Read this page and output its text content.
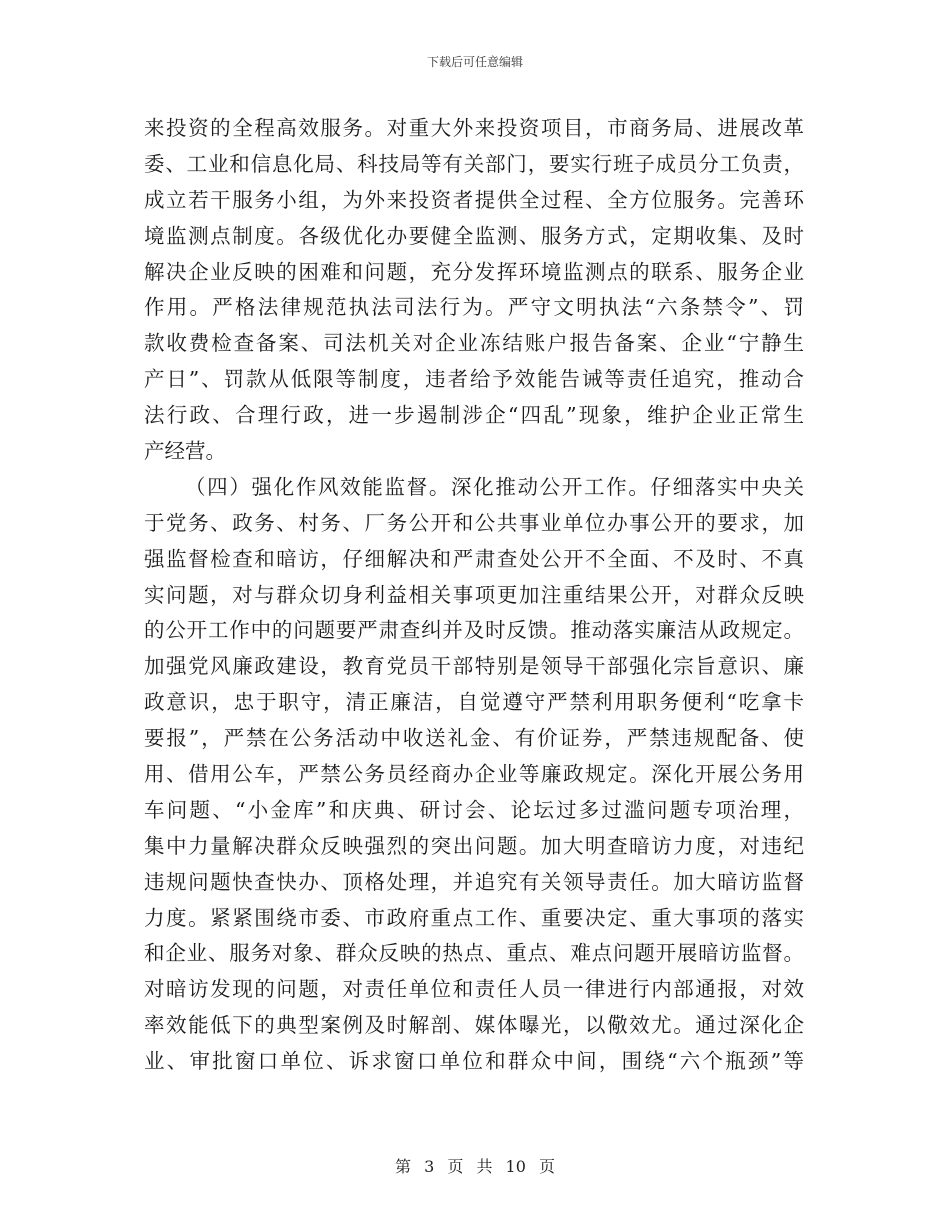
下载后可任意编辑
来投资的全程高效服务。对重大外来投资项目，市商务局、进展改革
委、工业和信息化局、科技局等有关部门，要实行班子成员分工负责，
成立若干服务小组，为外来投资者提供全过程、全方位服务。完善环
境监测点制度。各级优化办要健全监测、服务方式，定期收集、及时
解决企业反映的困难和问题，充分发挥环境监测点的联系、服务企业
作用。严格法律规范执法司法行为。严守文明执法“六条禁令”、罚
款收费检查备案、司法机关对企业冻结账户报告备案、企业“宁静生
产日”、罚款从低限等制度，违者给予效能告诫等责任追究，推动合
法行政、合理行政，进一步遏制涉企“四乱”现象，维护企业正常生
产经营。
（四）强化作风效能监督。深化推动公开工作。仔细落实中央关
于党务、政务、村务、厂务公开和公共事业单位办事公开的要求，加
强监督检查和暗访，仔细解决和严肃查处公开不全面、不及时、不真
实问题，对与群众切身利益相关事项更加注重结果公开，对群众反映
的公开工作中的问题要严肃查纠并及时反馈。推动落实廉洁从政规定。
加强党风廉政建设，教育党员干部特别是领导干部强化宗旨意识、廉
政意识，忠于职守，清正廉洁，自觉遵守严禁利用职务便利“吃拿卡
要报”，严禁在公务活动中收送礼金、有价证券，严禁违规配备、使
用、借用公车，严禁公务员经商办企业等廉政规定。深化开展公务用
车问题、“小金库”和庆典、研讨会、论坛过多过滥问题专项治理，
集中力量解决群众反映强烈的突出问题。加大明查暗访力度，对违纪
违规问题快查快办、顶格处理，并追究有关领导责任。加大暗访监督
力度。紧紧围绕市委、市政府重点工作、重要决定、重大事项的落实
和企业、服务对象、群众反映的热点、重点、难点问题开展暗访监督。
对暗访发现的问题，对责任单位和责任人员一律进行内部通报，对效
率效能低下的典型案例及时解剖、媒体曝光，以儆效尤。通过深化企
业、审批窗口单位、诉求窗口单位和群众中间，围绕“六个瓶颈”等
第 3 页 共 10 页
